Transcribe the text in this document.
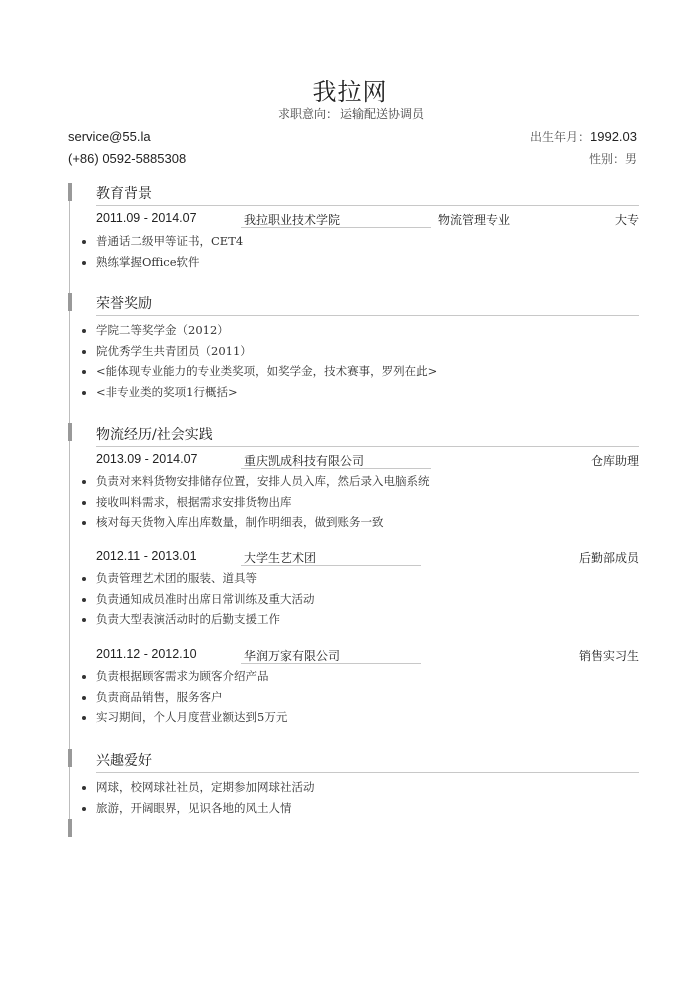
我拉网
求职意向： 运输配送协调员
service@55.la
(+86) 0592-5885308
出生年月：1992.03
性别：男
教育背景
2011.09 - 2014.07	我拉职业技术学院	物流管理专业	大专
普通话二级甲等证书，CET4
熟练掌握Office软件
荣誉奖励
学院二等奖学金（2012）
院优秀学生共青团员（2011）
<能体现专业能力的专业类奖项，如奖学金，技术赛事，罗列在此>
<非专业类的奖项1行概括>
物流经历/社会实践
2013.09 - 2014.07	重庆凯成科技有限公司	仓库助理
负责对来料货物安排储存位置，安排人员入库，然后录入电脑系统
接收叫料需求，根据需求安排货物出库
核对每天货物入库出库数量，制作明细表，做到账务一致
2012.11 - 2013.01	大学生艺术团	后勤部成员
负责管理艺术团的服装、道具等
负责通知成员准时出席日常训练及重大活动
负责大型表演活动时的后勤支援工作
2011.12 - 2012.10	华润万家有限公司	销售实习生
负责根据顾客需求为顾客介绍产品
负责商品销售，服务客户
实习期间，个人月度营业额达到5万元
兴趣爱好
网球，校网球社社员，定期参加网球社活动
旅游，开阔眼界，见识各地的风土人情
